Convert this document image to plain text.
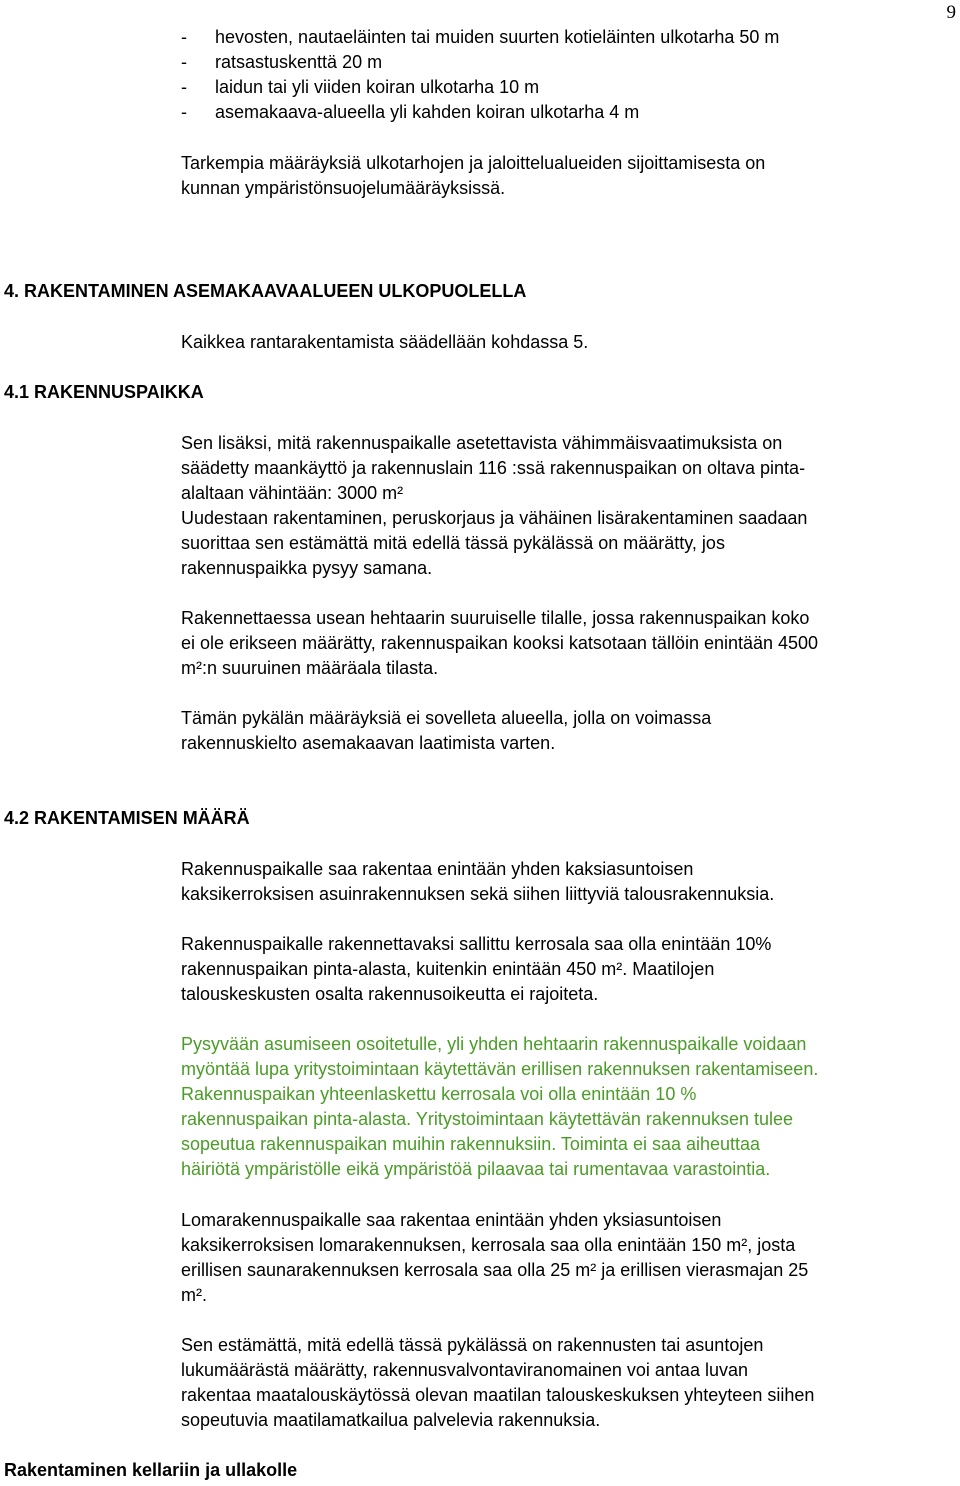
9
- hevosten, nautaeläinten tai muiden suurten kotieläinten ulkotarha 50 m
- ratsastuskenttä 20 m
- laidun tai yli viiden koiran ulkotarha 10 m
- asemakaava-alueella yli kahden koiran ulkotarha 4 m
Tarkempia määräyksiä ulkotarhojen ja jaloittelualueiden sijoittamisesta on
kunnan ympäristönsuojelumääräyksissä.
4. RAKENTAMINEN ASEMAKAAVAALUEEN ULKOPUOLELLA
Kaikkea rantarakentamista säädellään kohdassa 5.
4.1 RAKENNUSPAIKKA
Sen lisäksi, mitä rakennuspaikalle asetettavista vähimmäisvaatimuksista on
säädetty maankäyttö ja rakennuslain 116 :ssä rakennuspaikan on oltava pinta-
alaltaan vähintään: 3000 m²
Uudestaan rakentaminen, peruskorjaus ja vähäinen lisärakentaminen saadaan
suorittaa sen estämättä mitä edellä tässä pykälässä on määrätty, jos
rakennuspaikka pysyy samana.
Rakennettaessa usean hehtaarin suuruiselle tilalle, jossa rakennuspaikan koko
ei ole erikseen määrätty, rakennuspaikan kooksi katsotaan tällöin enintään 4500
m²:n suuruinen määräala tilasta.
Tämän pykälän määräyksiä ei sovelleta alueella, jolla on voimassa
rakennuskielto asemakaavan laatimista varten.
4.2 RAKENTAMISEN MÄÄRÄ
Rakennuspaikalle saa rakentaa enintään yhden kaksiasuntoisen
kaksikerroksisen asuinrakennuksen sekä siihen liittyviä talousrakennuksia.
Rakennuspaikalle rakennettavaksi sallittu kerrosala saa olla enintään 10%
rakennuspaikan pinta-alasta, kuitenkin enintään 450 m². Maatilojen
talouskeskusten osalta rakennusoikeutta ei rajoiteta.
Pysyvään asumiseen osoitetulle, yli yhden hehtaarin rakennuspaikalle voidaan
myöntää lupa yritystoimintaan käytettävän erillisen rakennuksen rakentamiseen.
Rakennuspaikan yhteenlaskettu kerrosala voi olla enintään 10 %
rakennuspaikan pinta-alasta. Yritystoimintaan käytettävän rakennuksen tulee
sopeutua rakennuspaikan muihin rakennuksiin. Toiminta ei saa aiheuttaa
häiriötä ympäristölle eikä ympäristöä pilaavaa tai rumentavaa varastointia.
Lomarakennuspaikalle saa rakentaa enintään yhden yksiasuntoisen
kaksikerroksisen lomarakennuksen, kerrosala saa olla enintään 150 m², josta
erillisen saunarakennuksen kerrosala saa olla 25 m² ja erillisen vierasmajan 25
m².
Sen estämättä, mitä edellä tässä pykälässä on rakennusten tai asuntojen
lukumäärästä määrätty, rakennusvalvontaviranomainen voi antaa luvan
rakentaa maatalouskäytössä olevan maatilan talouskeskuksen yhteyteen siihen
sopeutuvia maatilamatkailua palvelevia rakennuksia.
Rakentaminen kellariin ja ullakolle
